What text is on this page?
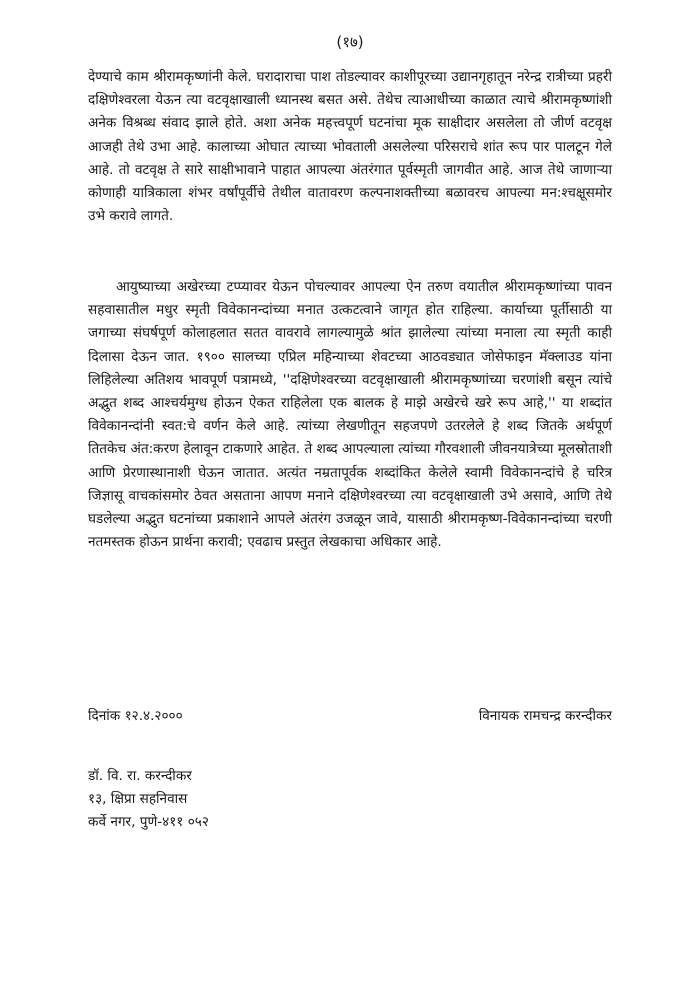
(१७)

देण्याचे काम श्रीरामकृष्णांनी केले. घरादाराचा पाश तोडल्यावर काशीपूरच्या उद्यानगृहातून नरेन्द्र रात्रीच्या प्रहरी दक्षिणेश्वरला येऊन त्या वटवृक्षाखाली ध्यानस्थ बसत असे. तेथेच त्याआधीच्या काळात त्याचे श्रीरामकृष्णांशी अनेक विश्रब्ध संवाद झाले होते. अशा अनेक महत्त्वपूर्ण घटनांचा मूक साक्षीदार असलेला तो जीर्ण वटवृक्ष आजही तेथे उभा आहे. कालाच्या ओघात त्याच्या भोवताली असलेल्या परिसराचे शांत रूप पार पालटून गेले आहे. तो वटवृक्ष ते सारे साक्षीभावाने पाहात आपल्या अंतरंगात पूर्वस्मृती जागवीत आहे. आज तेथे जाणाऱ्या कोणाही यात्रिकाला शंभर वर्षांपूर्वीचे तेथील वातावरण कल्पनाशक्तीच्या बळावरच आपल्या मन:श्चक्षूसमोर उभे करावे लागते.

आयुष्याच्या अखेरच्या टप्प्यावर येऊन पोचल्यावर आपल्या ऐन तरुण वयातील श्रीरामकृष्णांच्या पावन सहवासातील मधुर स्मृती विवेकानन्दांच्या मनात उत्कटत्वाने जागृत होत राहिल्या. कार्याच्या पूर्तीसाठी या जगाच्या संघर्षपूर्ण कोलाहलात सतत वावरावे लागल्यामुळे श्रांत झालेल्या त्यांच्या मनाला त्या स्मृती काही दिलासा देऊन जात. १९०० सालच्या एप्रिल महिन्याच्या शेवटच्या आठवड्यात जोसेफाइन मॅक्लाउड यांना लिहिलेल्या अतिशय भावपूर्ण पत्रामध्ये, ''दक्षिणेश्वरच्या वटवृक्षाखाली श्रीरामकृष्णांच्या चरणांशी बसून त्यांचे अद्भुत शब्द आश्चर्यमुग्ध होऊन ऐकत राहिलेला एक बालक हे माझे अखेरचे खरे रूप आहे,'' या शब्दांत विवेकानन्दांनी स्वत:चे वर्णन केले आहे. त्यांच्या लेखणीतून सहजपणे उतरलेले हे शब्द जितके अर्थपूर्ण तितकेच अंत:करण हेलावून टाकणारे आहेत. ते शब्द आपल्याला त्यांच्या गौरवशाली जीवनयात्रेच्या मूलस्रोताशी आणि प्रेरणास्थानाशी घेऊन जातात. अत्यंत नम्रतापूर्वक शब्दांकित केलेले स्वामी विवेकानन्दांचे हे चरित्र जिज्ञासू वाचकांसमोर ठेवत असताना आपण मनाने दक्षिणेश्वरच्या त्या वटवृक्षाखाली उभे असावे, आणि तेथे घडलेल्या अद्भुत घटनांच्या प्रकाशाने आपले अंतरंग उजळून जावे, यासाठी श्रीरामकृष्ण-विवेकानन्दांच्या चरणी नतमस्तक होऊन प्रार्थना करावी; एवढाच प्रस्तुत लेखकाचा अधिकार आहे.

दिनांक १२.४.२०००	विनायक रामचन्द्र करन्दीकर
डॉ. वि. रा. करन्दीकर
१३, क्षिप्रा सहनिवास
कर्वे नगर, पुणे-४११ ०५२
